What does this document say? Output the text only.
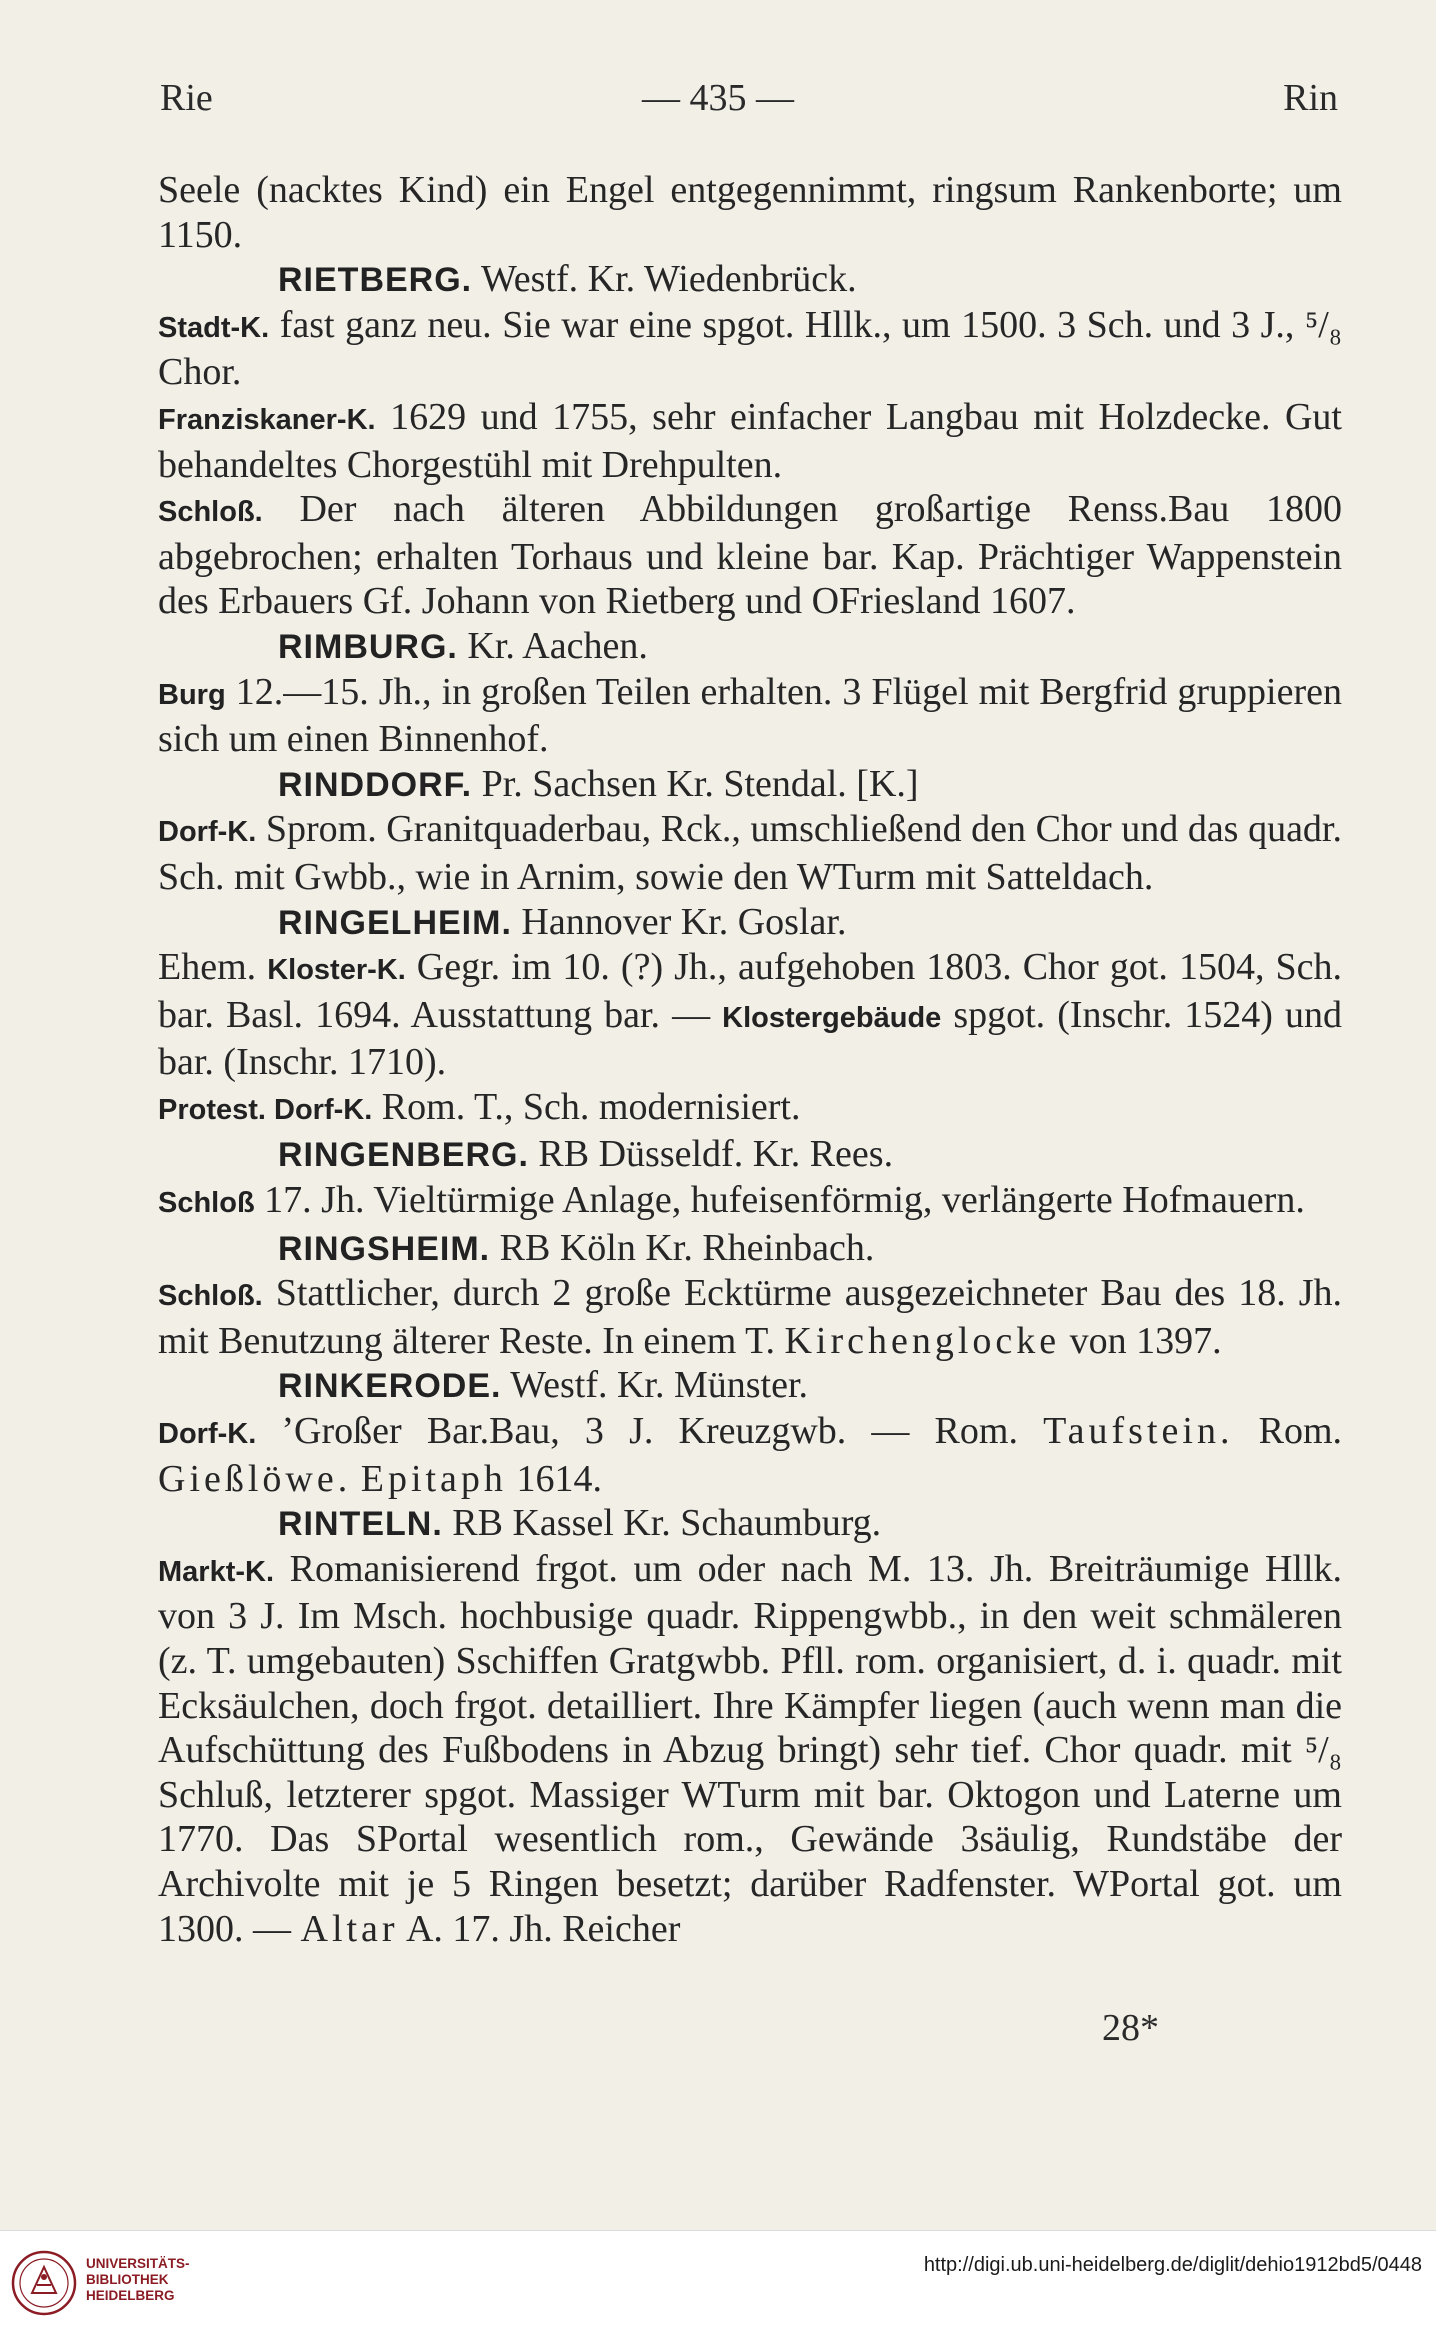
Rie	— 435 —	Rin

Seele (nacktes Kind) ein Engel entgegennimmt, ringsum Rankenborte; um 1150.

RIETBERG. Westf. Kr. Wiedenbrück.

Stadt-K. fast ganz neu. Sie war eine spgot. Hllk., um 1500. 3 Sch. und 3 J., ⁵/₈ Chor.

Franziskaner-K. 1629 und 1755, sehr einfacher Langbau mit Holzdecke. Gut behandeltes Chorgestühl mit Drehpulten.

Schloß. Der nach älteren Abbildungen großartige Renss.Bau 1800 abgebrochen; erhalten Torhaus und kleine bar. Kap. Prächtiger Wappenstein des Erbauers Gf. Johann von Rietberg und OFriesland 1607.

RIMBURG. Kr. Aachen.

Burg 12.—15. Jh., in großen Teilen erhalten. 3 Flügel mit Bergfrid gruppieren sich um einen Binnenhof.

RINDDORF. Pr. Sachsen Kr. Stendal. [K.]

Dorf-K. Sprom. Granitquaderbau, Rck., umschließend den Chor und das quadr. Sch. mit Gwbb., wie in Arnim, sowie den WTurm mit Satteldach.

RINGELHEIM. Hannover Kr. Goslar.

Ehem. Kloster-K. Gegr. im 10. (?) Jh., aufgehoben 1803. Chor got. 1504, Sch. bar. Basl. 1694. Ausstattung bar. — Klostergebäude spgot. (Inschr. 1524) und bar. (Inschr. 1710).

Protest. Dorf-K. Rom. T., Sch. modernisiert.

RINGENBERG. RB Düsseldf. Kr. Rees.

Schloß 17. Jh. Vieltürmige Anlage, hufeisenförmig, verlängerte Hofmauern.

RINGSHEIM. RB Köln Kr. Rheinbach.

Schloß. Stattlicher, durch 2 große Ecktürme ausgezeichneter Bau des 18. Jh. mit Benutzung älterer Reste. In einem T. Kirchenglocke von 1397.

RINKERODE. Westf. Kr. Münster.

Dorf-K. ʼGroßer Bar.Bau, 3 J. Kreuzgwb. — Rom. Taufstein. Rom. Gießlöwe. Epitaph 1614.

RINTELN. RB Kassel Kr. Schaumburg.

Markt-K. Romanisierend frgot. um oder nach M. 13. Jh. Breiträumige Hllk. von 3 J. Im Msch. hochbusige quadr. Rippengwbb., in den weit schmäleren (z. T. umgebauten) Sschiffen Gratgwbb. Pfll. rom. organisiert, d. i. quadr. mit Ecksäulchen, doch frgot. detailliert. Ihre Kämpfer liegen (auch wenn man die Aufschüttung des Fußbodens in Abzug bringt) sehr tief. Chor quadr. mit ⁵/₈ Schluß, letzterer spgot. Massiger WTurm mit bar. Oktogon und Laterne um 1770. Das SPortal wesentlich rom., Gewände 3säulig, Rundstäbe der Archivolte mit je 5 Ringen besetzt; darüber Radfenster. WPortal got. um 1300. — Altar A. 17. Jh. Reicher

28*
UNIVERSITÄTS-
BIBLIOTHEK
HEIDELBERG
http://digi.ub.uni-heidelberg.de/diglit/dehio1912bd5/0448
